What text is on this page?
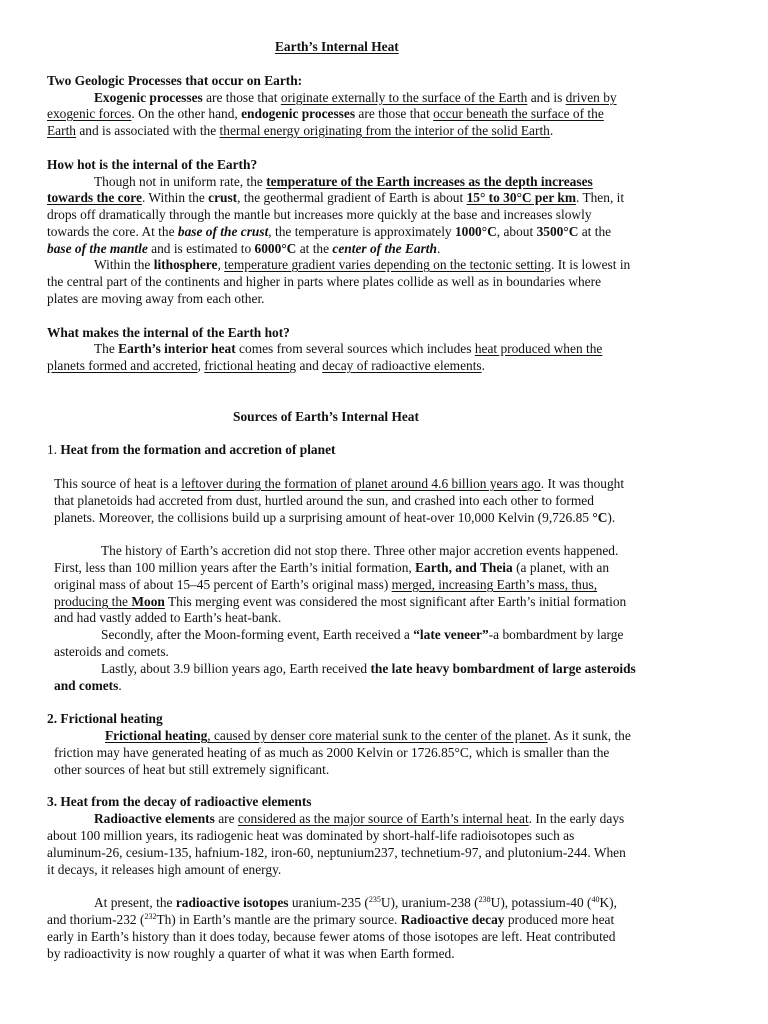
Earth’s Internal Heat
Two Geologic Processes that occur on Earth:
Exogenic processes are those that originate externally to the surface of the Earth and is driven by
exogenic forces. On the other hand, endogenic processes are those that occur beneath the surface of the
Earth and is associated with the thermal energy originating from the interior of the solid Earth.
How hot is the internal of the Earth?
Though not in uniform rate, the temperature of the Earth increases as the depth increases
towards the core. Within the crust, the geothermal gradient of Earth is about 15° to 30°C per km. Then, it
drops off dramatically through the mantle but increases more quickly at the base and increases slowly
towards the core. At the base of the crust, the temperature is approximately 1000°C, about 3500°C at the
base of the mantle and is estimated to 6000°C at the center of the Earth.
Within the lithosphere, temperature gradient varies depending on the tectonic setting. It is lowest in
the central part of the continents and higher in parts where plates collide as well as in boundaries where
plates are moving away from each other.
What makes the internal of the Earth hot?
The Earth’s interior heat comes from several sources which includes heat produced when the
planets formed and accreted, frictional heating and decay of radioactive elements.
Sources of Earth’s Internal Heat
1. Heat from the formation and accretion of planet
This source of heat is a leftover during the formation of planet around 4.6 billion years ago. It was thought
that planetoids had accreted from dust, hurtled around the sun, and crashed into each other to formed
planets. Moreover, the collisions build up a surprising amount of heat-over 10,000 Kelvin (9,726.85 °C).
The history of Earth’s accretion did not stop there. Three other major accretion events happened.
First, less than 100 million years after the Earth’s initial formation, Earth, and Theia (a planet, with an
original mass of about 15–45 percent of Earth’s original mass) merged, increasing Earth’s mass, thus,
producing the Moon This merging event was considered the most significant after Earth’s initial formation
and had vastly added to Earth’s heat-bank.
Secondly, after the Moon-forming event, Earth received a “late veneer”-a bombardment by large
asteroids and comets.
Lastly, about 3.9 billion years ago, Earth received the late heavy bombardment of large asteroids
and comets.
2. Frictional heating
Frictional heating, caused by denser core material sunk to the center of the planet. As it sunk, the
friction may have generated heating of as much as 2000 Kelvin or 1726.85°C, which is smaller than the
other sources of heat but still extremely significant.
3. Heat from the decay of radioactive elements
Radioactive elements are considered as the major source of Earth’s internal heat. In the early days
about 100 million years, its radiogenic heat was dominated by short-half-life radioisotopes such as
aluminum-26, cesium-135, hafnium-182, iron-60, neptunium237, technetium-97, and plutonium-244. When
it decays, it releases high amount of energy.
At present, the radioactive isotopes uranium-235 ($^{235}$U), uranium-238 ($^{238}$U), potassium-40 ($^{40}$K),
and thorium-232 ($^{232}$Th) in Earth’s mantle are the primary source. Radioactive decay produced more heat
early in Earth’s history than it does today, because fewer atoms of those isotopes are left. Heat contributed
by radioactivity is now roughly a quarter of what it was when Earth formed.
